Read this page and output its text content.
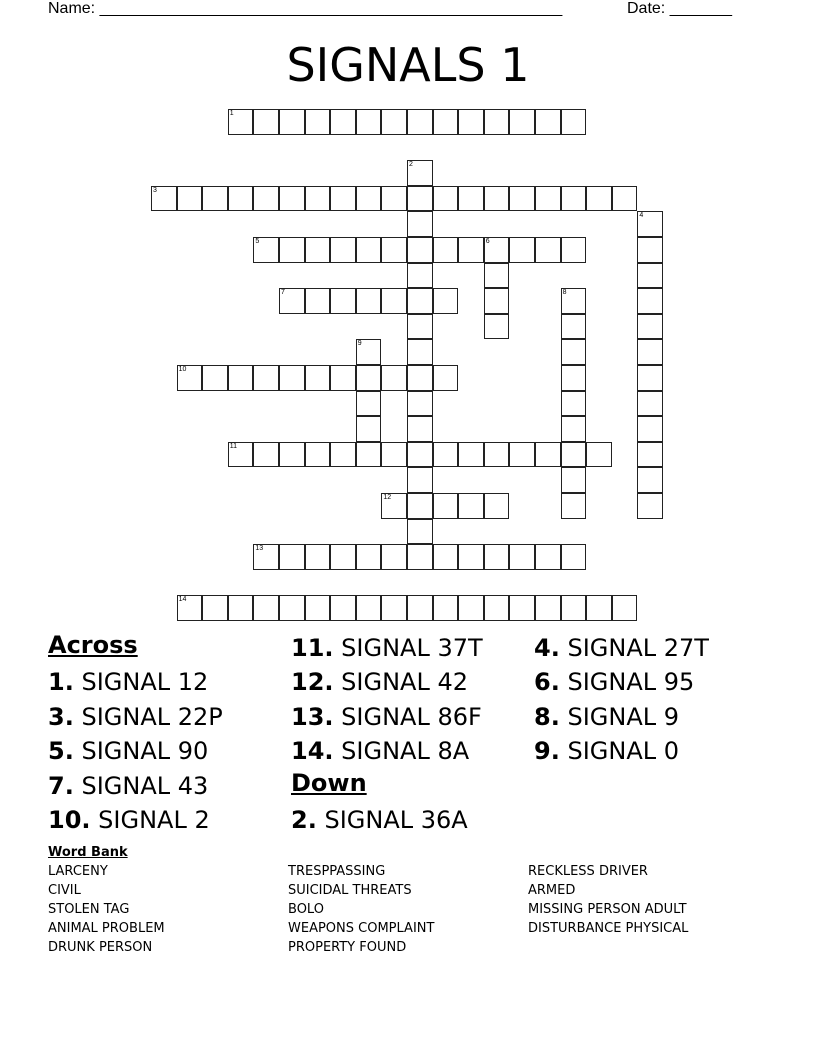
Name: ____________________________________________________	Date: _______
SIGNALS 1
1
2
3
4
5	6
7	8
9
10
11
12
13
14
Across
1. SIGNAL 12
3. SIGNAL 22P
5. SIGNAL 90
7. SIGNAL 43
10. SIGNAL 2
11. SIGNAL 37T
12. SIGNAL 42
13. SIGNAL 86F
14. SIGNAL 8A
Down
2. SIGNAL 36A
4. SIGNAL 27T
6. SIGNAL 95
8. SIGNAL 9
9. SIGNAL 0
Word Bank
LARCENY
CIVIL
STOLEN TAG
ANIMAL PROBLEM
DRUNK PERSON
TRESPPASSING
SUICIDAL THREATS
BOLO
WEAPONS COMPLAINT
PROPERTY FOUND
RECKLESS DRIVER
ARMED
MISSING PERSON ADULT
DISTURBANCE PHYSICAL
